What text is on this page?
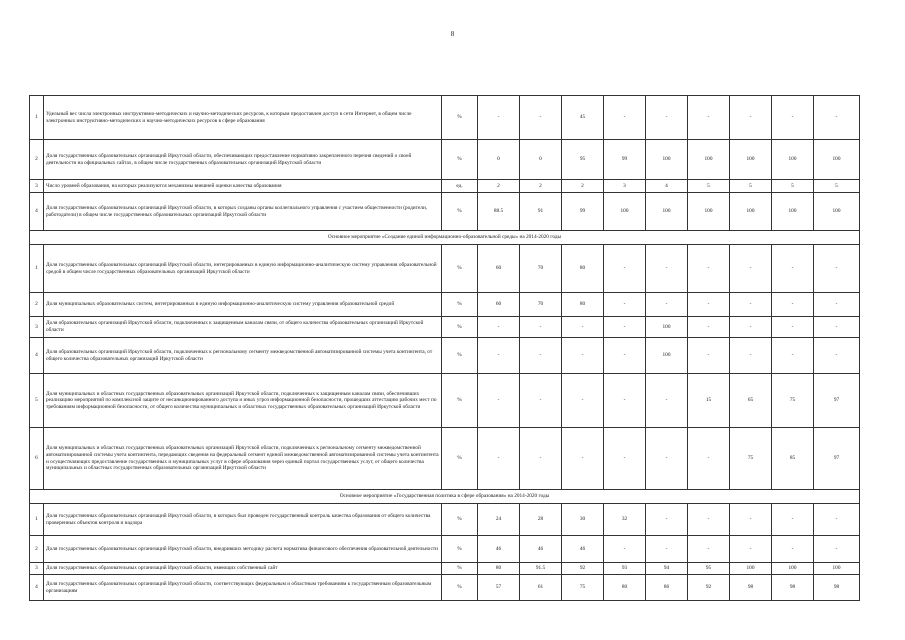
8
1	Удельный вес числа электронных инструктивно-методических и научно-методических ресурсов, к которым предоставлен доступ в сети Интернет, в общем числе электронных инструктивно-методических и научно-методических ресурсов в сфере образования	%	-	-	45	-	-	-	-	-	-
2	Доля государственных образовательных организаций Иркутской области, обеспечивающих предоставление нормативно закрепленного перечня сведений о своей деятельности на официальных сайтах, в общем числе государственных образовательных организаций Иркутской области	%	0	0	95	99	100	100	100	100	100
3	Число уровней образования, на которых реализуются механизмы внешней оценки качества образования	ед.	2	2	2	3	4	5	5	5	5
4	Доля государственных образовательных организаций Иркутской области, в которых созданы органы коллегиального управления с участием общественности (родители, работодатели) в общем числе государственных образовательных организаций Иркутской области	%	88.5	91	99	100	100	100	100	100	100
Основное мероприятие «Создание единой информационно-образовательной среды» на 2014-2020 годы											
1	Доля государственных образовательных организаций Иркутской области, интегрированных в единую информационно-аналитическую систему управления образовательной средой в общем числе государственных образовательных организаций Иркутской области	%	60	70	80	-	-	-	-	-	-
2	Доля муниципальных образовательных систем, интегрированных в единую информационно-аналитическую систему управления образовательной средой	%	60	70	80	-	-	-	-	-	-
3	Доля образовательных организаций Иркутской области, подключенных к защищенным каналам связи, от общего количества образовательных организаций Иркутской области	%	-	-	-	-	100	-	-	-	-
4	Доля образовательных организаций Иркутской области, подключенных к региональному сегменту межведомственной автоматизированной системы учета контингента, от общего количества образовательных организаций Иркутской области	%	-	-	-	-	100	-	-	-	-
5	Доля муниципальных и областных государственных образовательных организаций Иркутской области, подключенных к защищенным каналам связи, обеспечивших реализацию мероприятий по комплексной защите от несанкционированного доступа и иных угроз информационной безопасности, прошедших аттестацию рабочих мест по требованиям информационной безопасности, от общего количества муниципальных и областных государственных образовательных организаций Иркутской области	%	-	-	-	-	-	15	65	75	97
6	Доля муниципальных и областных государственных образовательных организаций Иркутской области, подключенных к региональному сегменту межведомственной автоматизированной системы учета контингента, передающих сведения на федеральный сегмент единой межведомственной автоматизированной системы учета контингента и осуществляющих предоставление государственных и муниципальных услуг в сфере образования через единый портал государственных услуг, от общего количества муниципальных и областных государственных образовательных организаций Иркутской области	%	-	-	-	-	-	-	75	85	97
Основное мероприятие «Государственная политика в сфере образования» на 2014-2020 годы											
1	Доля государственных образовательных организаций Иркутской области, в которых был проведен государственный контроль качества образования от общего количества проверенных объектов контроля и надзора	%	24	28	30	32	-	-	-	-	-
2	Доля государственных образовательных организаций Иркутской области, внедривших методику расчета норматива финансового обеспечения образовательной деятельности	%	46	46	46	-	-	-	-	-	-
3	Доля государственных образовательных организаций Иркутской области, имеющих собственный сайт	%	80	91.5	92	93	94	95	100	100	100
4	Доля государственных образовательных организаций Иркутской области, соответствующих федеральным и областным требованиям к государственным образовательным организациям	%	57	61	75	80	86	92	98	98	98
